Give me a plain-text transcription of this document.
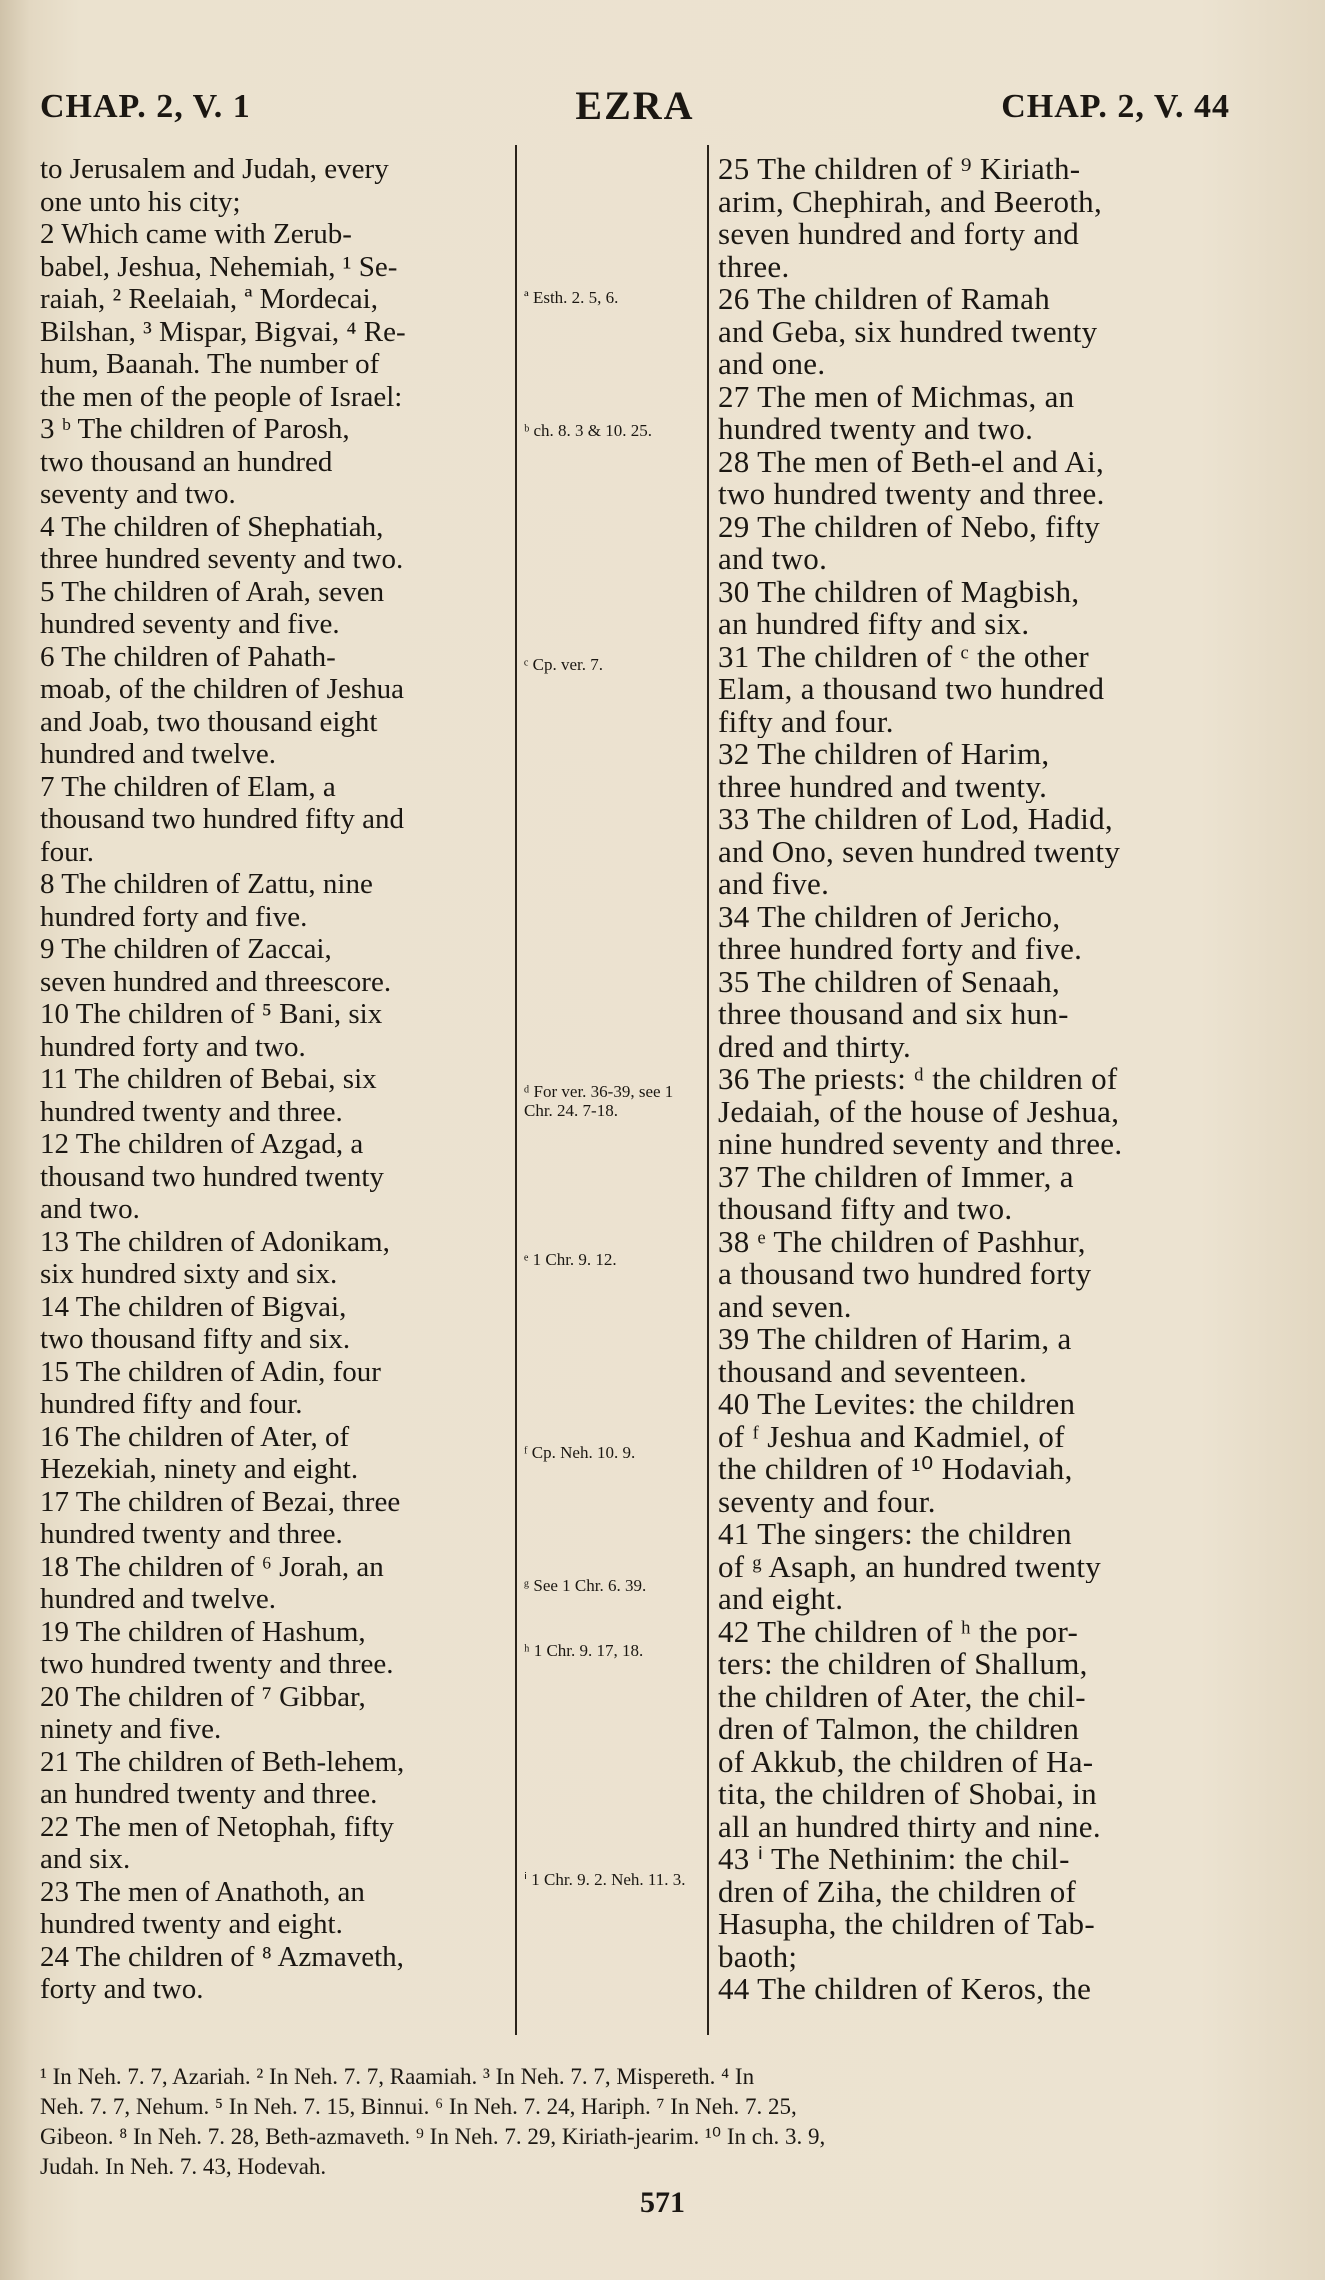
CHAP. 2, V. 1	EZRA	CHAP. 2, V. 44
to Jerusalem and Judah, every
one unto his city;
2 Which came with Zerub-
babel, Jeshua, Nehemiah, ¹ Se-
raiah, ² Reelaiah, ª Mordecai,
Bilshan, ³ Mispar, Bigvai, ⁴ Re-
hum, Baanah. The number of
the men of the people of Israel:
3 ᵇ The children of Parosh,
two thousand an hundred
seventy and two.
4 The children of Shephatiah,
three hundred seventy and two.
5 The children of Arah, seven
hundred seventy and five.
6 The children of Pahath-
moab, of the children of Jeshua
and Joab, two thousand eight
hundred and twelve.
7 The children of Elam, a
thousand two hundred fifty and
four.
8 The children of Zattu, nine
hundred forty and five.
9 The children of Zaccai,
seven hundred and threescore.
10 The children of ⁵ Bani, six
hundred forty and two.
11 The children of Bebai, six
hundred twenty and three.
12 The children of Azgad, a
thousand two hundred twenty
and two.
13 The children of Adonikam,
six hundred sixty and six.
14 The children of Bigvai,
two thousand fifty and six.
15 The children of Adin, four
hundred fifty and four.
16 The children of Ater, of
Hezekiah, ninety and eight.
17 The children of Bezai, three
hundred twenty and three.
18 The children of ⁶ Jorah, an
hundred and twelve.
19 The children of Hashum,
two hundred twenty and three.
20 The children of ⁷ Gibbar,
ninety and five.
21 The children of Beth-lehem,
an hundred twenty and three.
22 The men of Netophah, fifty
and six.
23 The men of Anathoth, an
hundred twenty and eight.
24 The children of ⁸ Azmaveth,
forty and two.
ª Esth. 2. 5, 6.
ᵇ ch. 8. 3 & 10. 25.
ᶜ Cp. ver. 7.
ᵈ For ver. 36-39, see 1 Chr. 24. 7-18.
ᵉ 1 Chr. 9. 12.
ᶠ Cp. Neh. 10. 9.
ᵍ See 1 Chr. 6. 39.
ʰ 1 Chr. 9. 17, 18.
ⁱ 1 Chr. 9. 2. Neh. 11. 3.
25 The children of ⁹ Kiriath-
arim, Chephirah, and Beeroth,
seven hundred and forty and
three.
26 The children of Ramah
and Geba, six hundred twenty
and one.
27 The men of Michmas, an
hundred twenty and two.
28 The men of Beth-el and Ai,
two hundred twenty and three.
29 The children of Nebo, fifty
and two.
30 The children of Magbish,
an hundred fifty and six.
31 The children of ᶜ the other
Elam, a thousand two hundred
fifty and four.
32 The children of Harim,
three hundred and twenty.
33 The children of Lod, Hadid,
and Ono, seven hundred twenty
and five.
34 The children of Jericho,
three hundred forty and five.
35 The children of Senaah,
three thousand and six hun-
dred and thirty.
36 The priests: ᵈ the children of
Jedaiah, of the house of Jeshua,
nine hundred seventy and three.
37 The children of Immer, a
thousand fifty and two.
38 ᵉ The children of Pashhur,
a thousand two hundred forty
and seven.
39 The children of Harim, a
thousand and seventeen.
40 The Levites: the children
of ᶠ Jeshua and Kadmiel, of
the children of ¹⁰ Hodaviah,
seventy and four.
41 The singers: the children
of ᵍ Asaph, an hundred twenty
and eight.
42 The children of ʰ the por-
ters: the children of Shallum,
the children of Ater, the chil-
dren of Talmon, the children
of Akkub, the children of Ha-
tita, the children of Shobai, in
all an hundred thirty and nine.
43 ⁱ The Nethinim: the chil-
dren of Ziha, the children of
Hasupha, the children of Tab-
baoth;
44 The children of Keros, the
¹ In Neh. 7. 7, Azariah. ² In Neh. 7. 7, Raamiah. ³ In Neh. 7. 7, Mispereth. ⁴ In
Neh. 7. 7, Nehum. ⁵ In Neh. 7. 15, Binnui. ⁶ In Neh. 7. 24, Hariph. ⁷ In Neh. 7. 25,
Gibeon. ⁸ In Neh. 7. 28, Beth-azmaveth. ⁹ In Neh. 7. 29, Kiriath-jearim. ¹⁰ In ch. 3. 9,
Judah. In Neh. 7. 43, Hodevah.
571
